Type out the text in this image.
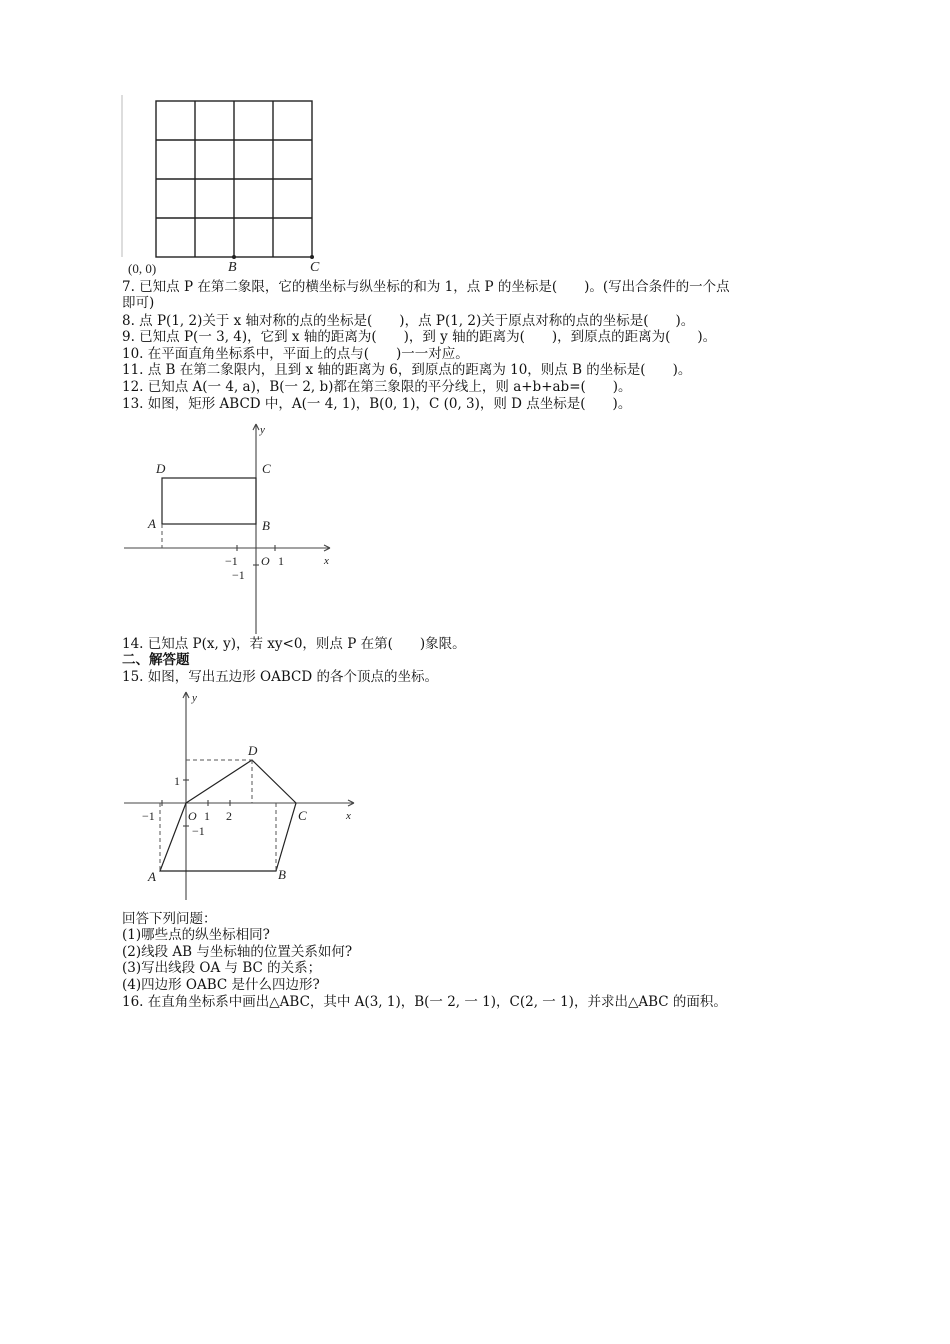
(0, 0)	B	C
7. 已知点 P 在第二象限，它的横坐标与纵坐标的和为 1，点 P 的坐标是(　　)。(写出合条件的一个点
即可)
8. 点 P(1, 2)关于 x 轴对称的点的坐标是(　　)，点 P(1, 2)关于原点对称的点的坐标是(　　)。
9. 已知点 P(一 3, 4)，它到 x 轴的距离为(　　)，到 y 轴的距离为(　　)，到原点的距离为(　　)。
10. 在平面直角坐标系中，平面上的点与(　　)一一对应。
11. 点 B 在第二象限内，且到 x 轴的距离为 6，到原点的距离为 10，则点 B 的坐标是(　　)。
12. 已知点 A(一 4, a)，B(一 2, b)都在第三象限的平分线上，则 a+b+ab=(　　)。
13. 如图，矩形 ABCD 中，A(一 4, 1)，B(0, 1)，C (0, 3)，则 D 点坐标是(　　)。
y
x
D	C
A	B
−1 O 1
−1
14. 已知点 P(x, y)，若 xy<0，则点 P 在第(　　)象限。
二、解答题
15. 如图，写出五边形 OABCD 的各个顶点的坐标。
y
x
D
1
−1	O 1 2	C
−1
A	B
回答下列问题：
(1)哪些点的纵坐标相同?
(2)线段 AB 与坐标轴的位置关系如何?
(3)写出线段 OA 与 BC 的关系；
(4)四边形 OABC 是什么四边形?
16. 在直角坐标系中画出△ABC，其中 A(3, 1)，B(一 2, 一 1)，C(2, 一 1)，并求出△ABC 的面积。
